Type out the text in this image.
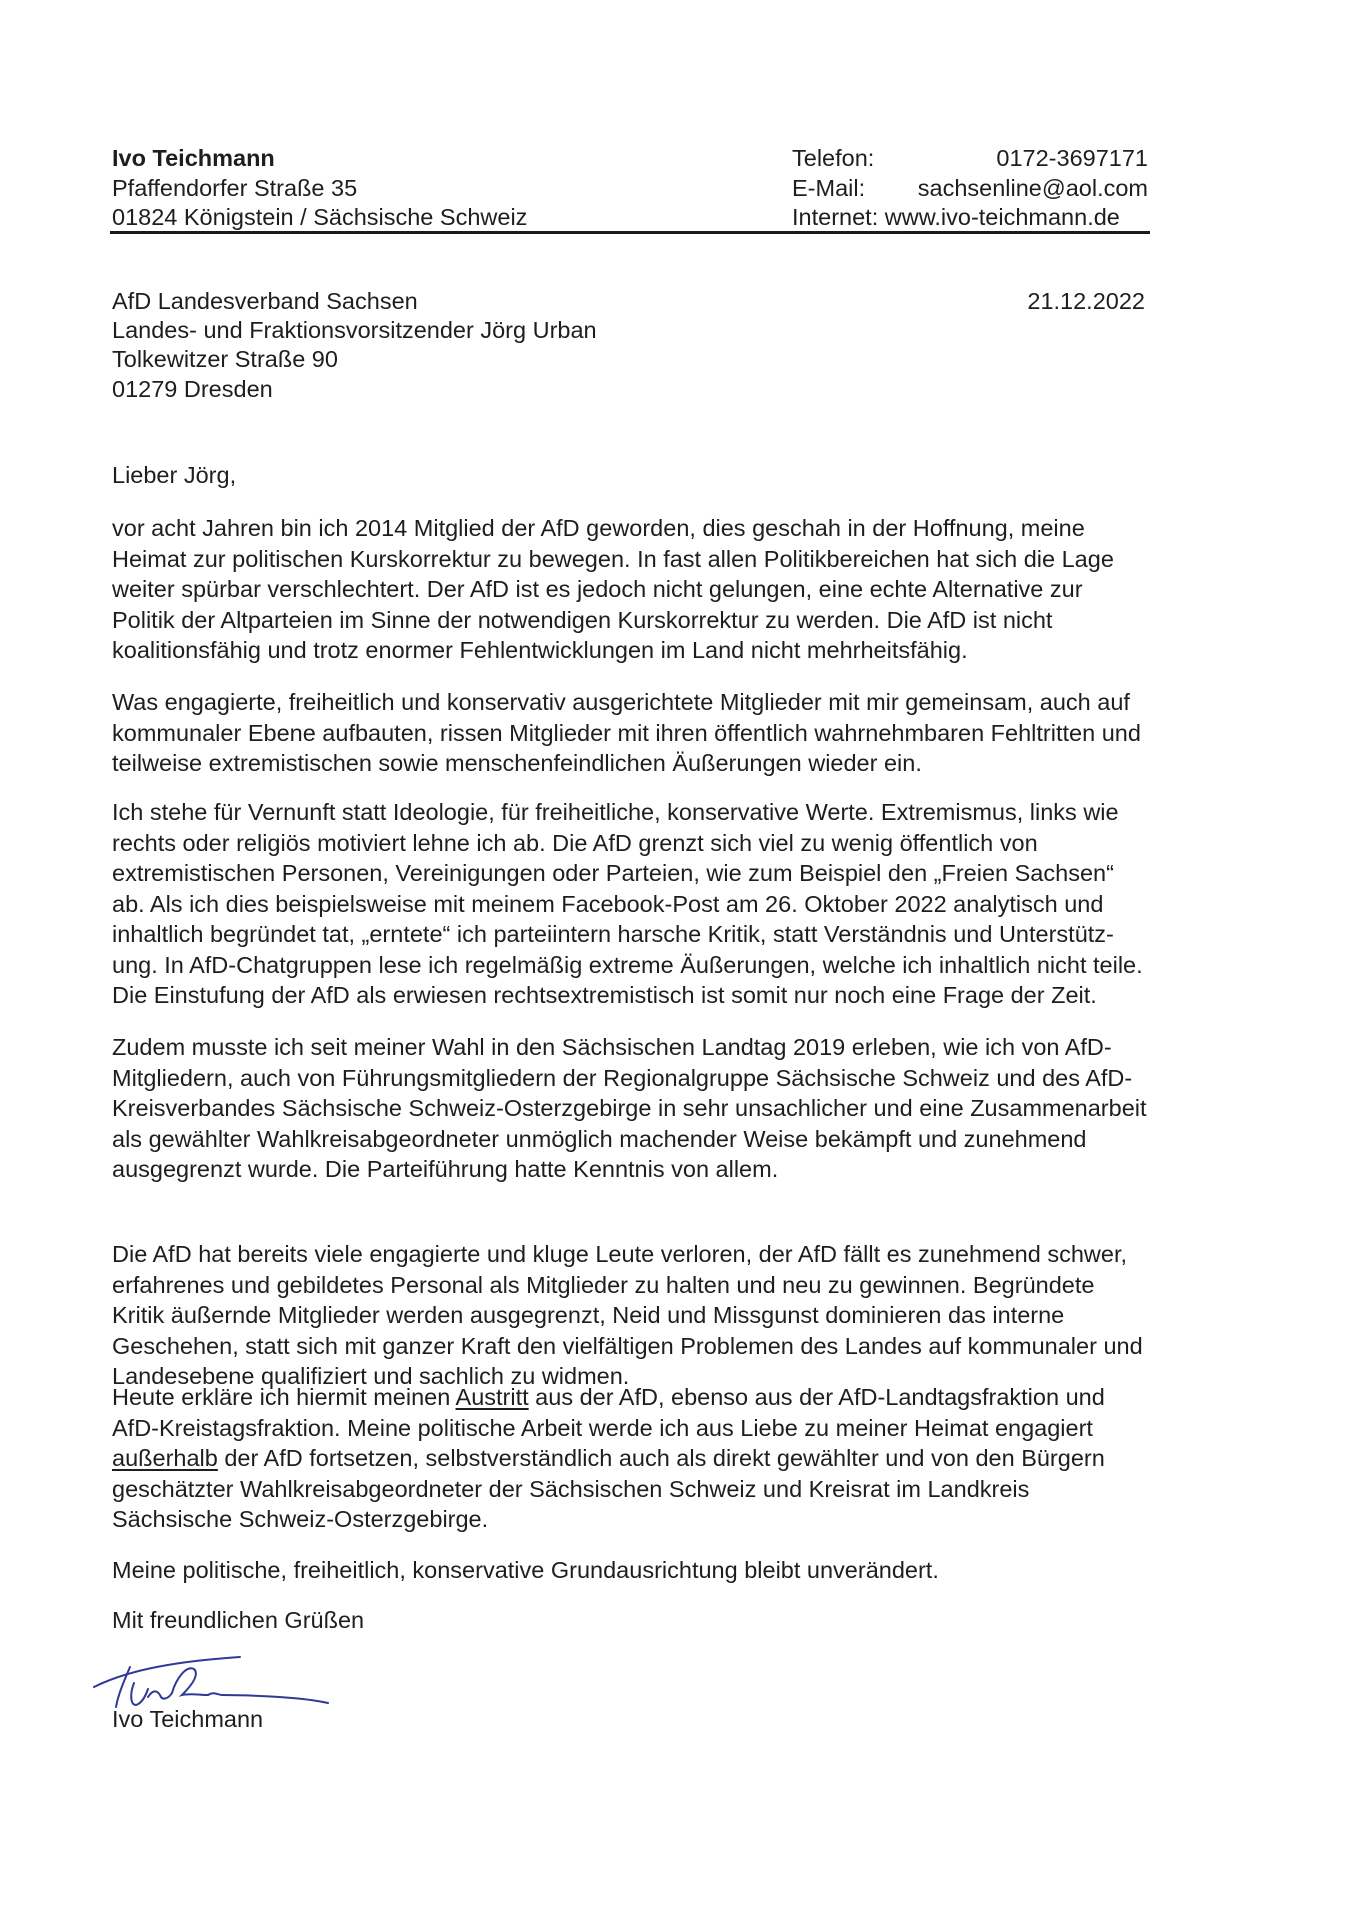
Ivo Teichmann
Pfaffendorfer Straße 35
01824 Königstein / Sächsische Schweiz
Telefon:	0172-3697171
E-Mail: sachsenline@aol.com
Internet: www.ivo-teichmann.de
AfD Landesverband Sachsen
Landes- und Fraktionsvorsitzender Jörg Urban
Tolkewitzer Straße 90
01279 Dresden
21.12.2022
Lieber Jörg,
vor acht Jahren bin ich 2014 Mitglied der AfD geworden, dies geschah in der Hoffnung, meine
Heimat zur politischen Kurskorrektur zu bewegen. In fast allen Politikbereichen hat sich die Lage
weiter spürbar verschlechtert. Der AfD ist es jedoch nicht gelungen, eine echte Alternative zur
Politik der Altparteien im Sinne der notwendigen Kurskorrektur zu werden. Die AfD ist nicht
koalitionsfähig und trotz enormer Fehlentwicklungen im Land nicht mehrheitsfähig.
Was engagierte, freiheitlich und konservativ ausgerichtete Mitglieder mit mir gemeinsam, auch auf
kommunaler Ebene aufbauten, rissen Mitglieder mit ihren öffentlich wahrnehmbaren Fehltritten und
teilweise extremistischen sowie menschenfeindlichen Äußerungen wieder ein.
Ich stehe für Vernunft statt Ideologie, für freiheitliche, konservative Werte. Extremismus, links wie
rechts oder religiös motiviert lehne ich ab. Die AfD grenzt sich viel zu wenig öffentlich von
extremistischen Personen, Vereinigungen oder Parteien, wie zum Beispiel den „Freien Sachsen“
ab. Als ich dies beispielsweise mit meinem Facebook-Post am 26. Oktober 2022 analytisch und
inhaltlich begründet tat, „erntete“ ich parteiintern harsche Kritik, statt Verständnis und Unterstütz-
ung. In AfD-Chatgruppen lese ich regelmäßig extreme Äußerungen, welche ich inhaltlich nicht teile.
Die Einstufung der AfD als erwiesen rechtsextremistisch ist somit nur noch eine Frage der Zeit.
Zudem musste ich seit meiner Wahl in den Sächsischen Landtag 2019 erleben, wie ich von AfD-
Mitgliedern, auch von Führungsmitgliedern der Regionalgruppe Sächsische Schweiz und des AfD-
Kreisverbandes Sächsische Schweiz-Osterzgebirge in sehr unsachlicher und eine Zusammenarbeit
als gewählter Wahlkreisabgeordneter unmöglich machender Weise bekämpft und zunehmend
ausgegrenzt wurde. Die Parteiführung hatte Kenntnis von allem.
Die AfD hat bereits viele engagierte und kluge Leute verloren, der AfD fällt es zunehmend schwer,
erfahrenes und gebildetes Personal als Mitglieder zu halten und neu zu gewinnen. Begründete
Kritik äußernde Mitglieder werden ausgegrenzt, Neid und Missgunst dominieren das interne
Geschehen, statt sich mit ganzer Kraft den vielfältigen Problemen des Landes auf kommunaler und
Landesebene qualifiziert und sachlich zu widmen.
Heute erkläre ich hiermit meinen Austritt aus der AfD, ebenso aus der AfD-Landtagsfraktion und
AfD-Kreistagsfraktion. Meine politische Arbeit werde ich aus Liebe zu meiner Heimat engagiert
außerhalb der AfD fortsetzen, selbstverständlich auch als direkt gewählter und von den Bürgern
geschätzter Wahlkreisabgeordneter der Sächsischen Schweiz und Kreisrat im Landkreis
Sächsische Schweiz-Osterzgebirge.
Meine politische, freiheitlich, konservative Grundausrichtung bleibt unverändert.
Mit freundlichen Grüßen
Ivo Teichmann
